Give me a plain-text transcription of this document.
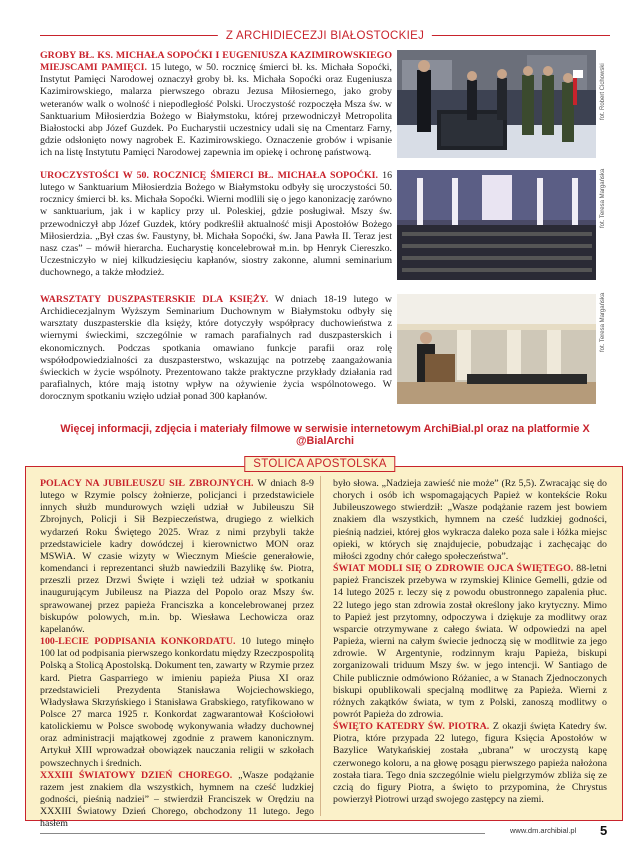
Z ARCHIDIECEZJI BIAŁOSTOCKIEJ
GROBY BŁ. KS. MICHAŁA SOPOĆKI I EUGENIUSZA KAZIMIROWSKIEGO MIEJSCAMI PAMIĘCI. 15 lutego, w 50. rocznicę śmierci bł. ks. Michała Sopoćki, Instytut Pamięci Narodowej oznaczył groby bł. ks. Michała Sopoćki oraz Eugeniusza Kazimirowskiego, malarza pierwszego obrazu Jezusa Miłosiernego, jako groby weteranów walk o wolność i niepodległość Polski. Uroczystość rozpoczęła Msza św. w Sanktuarium Miłosierdzia Bożego w Białymstoku, której przewodniczył Metropolita Białostocki abp Józef Guzdek. Po Eucharystii uczestnicy udali się na Cmentarz Farny, gdzie odsłonięto nowy nagrobek E. Kazimirowskiego. Oznaczenie grobów i wpisanie ich na listę Instytutu Pamięci Narodowej zapewnia im opiekę i ochronę państwową.
fot. Robert Cichowski
UROCZYSTOŚCI W 50. ROCZNICĘ ŚMIERCI BŁ. MICHAŁA SOPOĆKI. 16 lutego w Sanktuarium Miłosierdzia Bożego w Białymstoku odbyły się uroczystości 50. rocznicy śmierci bł. ks. Michała Sopoćki. Wierni modlili się o jego kanonizację zarówno w sanktuarium, jak i w kaplicy przy ul. Poleskiej, gdzie posługiwał. Mszy św. przewodniczył abp Józef Guzdek, który podkreślił aktualność misji Apostołów Bożego Miłosierdzia. „Był czas św. Faustyny, bł. Michała Sopoćki, św. Jana Pawła II. Teraz jest nasz czas” – mówił hierarcha. Eucharystię koncelebrował m.in. bp Henryk Ciereszko. Uczestniczyło w niej kilkudziesięciu kapłanów, siostry zakonne, alumni seminarium duchownego, a także młodzież.
fot. Teresa Margańska
WARSZTATY DUSZPASTERSKIE DLA KSIĘŻY. W dniach 18-19 lutego w Archidiecezjalnym Wyższym Seminarium Duchownym w Białymstoku odbyły się warsztaty duszpasterskie dla księży, które dotyczyły współpracy duchowieństwa z wiernymi świeckimi, szczególnie w ramach parafialnych rad duszpasterskich i ekonomicznych. Podczas spotkania omawiano funkcje parafii oraz rolę współodpowiedzialności za duszpasterstwo, wskazując na potrzebę zaangażowania świeckich w życie wspólnoty. Prezentowano także praktyczne przykłady działania rad parafialnych, które mają istotny wpływ na ożywienie życia wspólnotowego. W dorocznym spotkaniu wzięło udział ponad 300 kapłanów.
fot. Teresa Margańska
Więcej informacji, zdjęcia i materiały filmowe w serwisie internetowym ArchiBial.pl oraz na platformie X @BialArchi
STOLICA APOSTOLSKA

POLACY NA JUBILEUSZU SIŁ ZBROJNYCH. W dniach 8-9 lutego w Rzymie polscy żołnierze, policjanci i przedstawiciele innych służb mundurowych wzięli udział w Jubileuszu Sił Zbrojnych, Policji i Sił Bezpieczeństwa, drugiego z wielkich wydarzeń Roku Świętego 2025. Wraz z nimi przybyli także przedstawiciele kadry dowódczej i kierownictwo MON oraz MSWiA. W czasie wizyty w Wiecznym Mieście generałowie, komendanci i reprezentanci służb nawiedzili Bazylikę św. Piotra, przeszli przez Drzwi Święte i wzięli też udział w spotkaniu inaugurującym Jubileusz na Piazza del Popolo oraz Mszy św. sprawowanej przez papieża Franciszka a koncelebrowanej przez biskupów polowych, m.in. bp. Wiesława Lechowicza oraz kapelanów.

100-LECIE PODPISANIA KONKORDATU. 10 lutego minęło 100 lat od podpisania pierwszego konkordatu między Rzeczpospolitą Polską a Stolicą Apostolską. Dokument ten, zawarty w Rzymie przez kard. Pietra Gasparriego w imieniu papieża Piusa XI oraz przedstawicieli Prezydenta Stanisława Wojciechowskiego, Władysława Skrzyńskiego i Stanisława Grabskiego, ratyfikowano w Polsce 27 marca 1925 r. Konkordat zagwarantował Kościołowi katolickiemu w Polsce swobodę wykonywania władzy duchownej oraz administracji majątkowej zgodnie z prawem kanonicznym. Artykuł XIII wprowadzał obowiązek nauczania religii w szkołach powszechnych i średnich.

XXXIII ŚWIATOWY DZIEŃ CHOREGO. „Wasze podążanie razem jest znakiem dla wszystkich, hymnem na cześć ludzkiej godności, pieśnią nadziei” – stwierdził Franciszek w Orędziu na XXXIII Światowy Dzień Chorego, obchodzony 11 lutego. Jego hasłem

było słowa. „Nadzieja zawieść nie może” (Rz 5,5). Zwracając się do chorych i osób ich wspomagających Papież w kontekście Roku Jubileuszowego stwierdził: „Wasze podążanie razem jest bowiem znakiem dla wszystkich, hymnem na cześć ludzkiej godności, pieśnią nadziei, której głos wykracza daleko poza sale i łóżka miejsc opieki, w których się znajdujecie, pobudzając i zachęcając do miłości zgodny chór całego społeczeństwa”.

ŚWIAT MODLI SIĘ O ZDROWIE OJCA ŚWIĘTEGO. 88-letni papież Franciszek przebywa w rzymskiej Klinice Gemelli, gdzie od 14 lutego 2025 r. leczy się z powodu obustronnego zapalenia płuc. 22 lutego jego stan zdrowia został określony jako krytyczny. Mimo to Papież jest przytomny, odpoczywa i dziękuje za modlitwy oraz wsparcie otrzymywane z całego świata. W odpowiedzi na apel Papieża, wierni na całym świecie jednoczą się w modlitwie za jego zdrowie. W Argentynie, rodzinnym kraju Papieża, biskupi zorganizowali triduum Mszy św. w jego intencji. W Santiago de Chile publicznie odmówiono Różaniec, a w Stanach Zjednoczonych biskupi opublikowali specjalną modlitwę za Papieża. Wierni z różnych zakątków świata, w tym z Polski, zanoszą modlitwy o powrót Papieża do zdrowia.

ŚWIĘTO KATEDRY ŚW. PIOTRA. Z okazji święta Katedry św. Piotra, które przypada 22 lutego, figura Księcia Apostołów w Bazylice Watykańskiej została „ubrana” w uroczystą kapę czerwonego koloru, a na głowę posągu pierwszego papieża nałożona została tiara. Tego dnia szczególnie wielu pielgrzymów zbliża się ze czcią do figury Piotra, a święto to przypomina, że Chrystus powierzył Piotrowi urząd swojego zastępcy na ziemi.

www.dm.archibial.pl 5
